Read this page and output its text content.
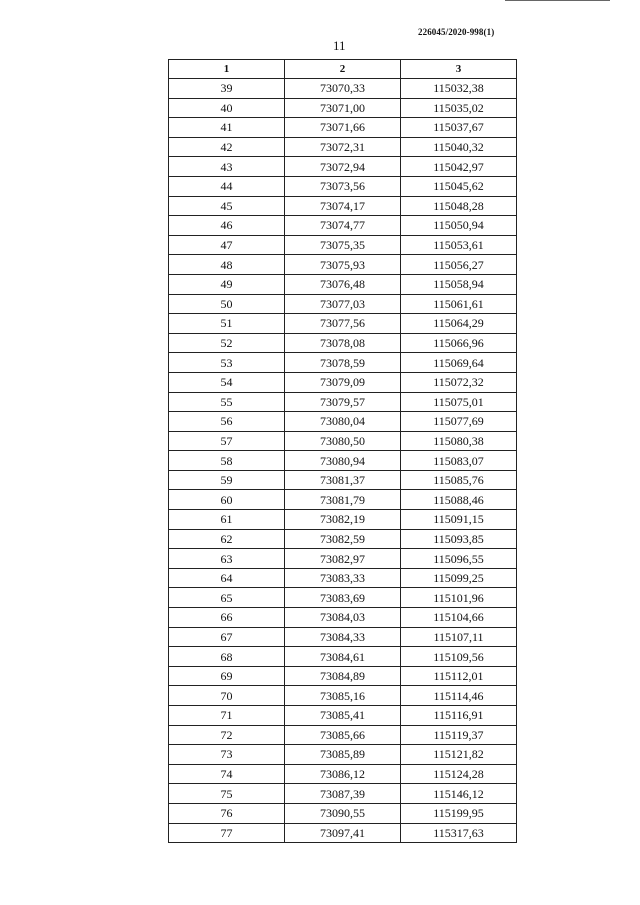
226045/2020-998(1)
11
1	2	3
39	73070,33	115032,38
40	73071,00	115035,02
41	73071,66	115037,67
42	73072,31	115040,32
43	73072,94	115042,97
44	73073,56	115045,62
45	73074,17	115048,28
46	73074,77	115050,94
47	73075,35	115053,61
48	73075,93	115056,27
49	73076,48	115058,94
50	73077,03	115061,61
51	73077,56	115064,29
52	73078,08	115066,96
53	73078,59	115069,64
54	73079,09	115072,32
55	73079,57	115075,01
56	73080,04	115077,69
57	73080,50	115080,38
58	73080,94	115083,07
59	73081,37	115085,76
60	73081,79	115088,46
61	73082,19	115091,15
62	73082,59	115093,85
63	73082,97	115096,55
64	73083,33	115099,25
65	73083,69	115101,96
66	73084,03	115104,66
67	73084,33	115107,11
68	73084,61	115109,56
69	73084,89	115112,01
70	73085,16	115114,46
71	73085,41	115116,91
72	73085,66	115119,37
73	73085,89	115121,82
74	73086,12	115124,28
75	73087,39	115146,12
76	73090,55	115199,95
77	73097,41	115317,63
